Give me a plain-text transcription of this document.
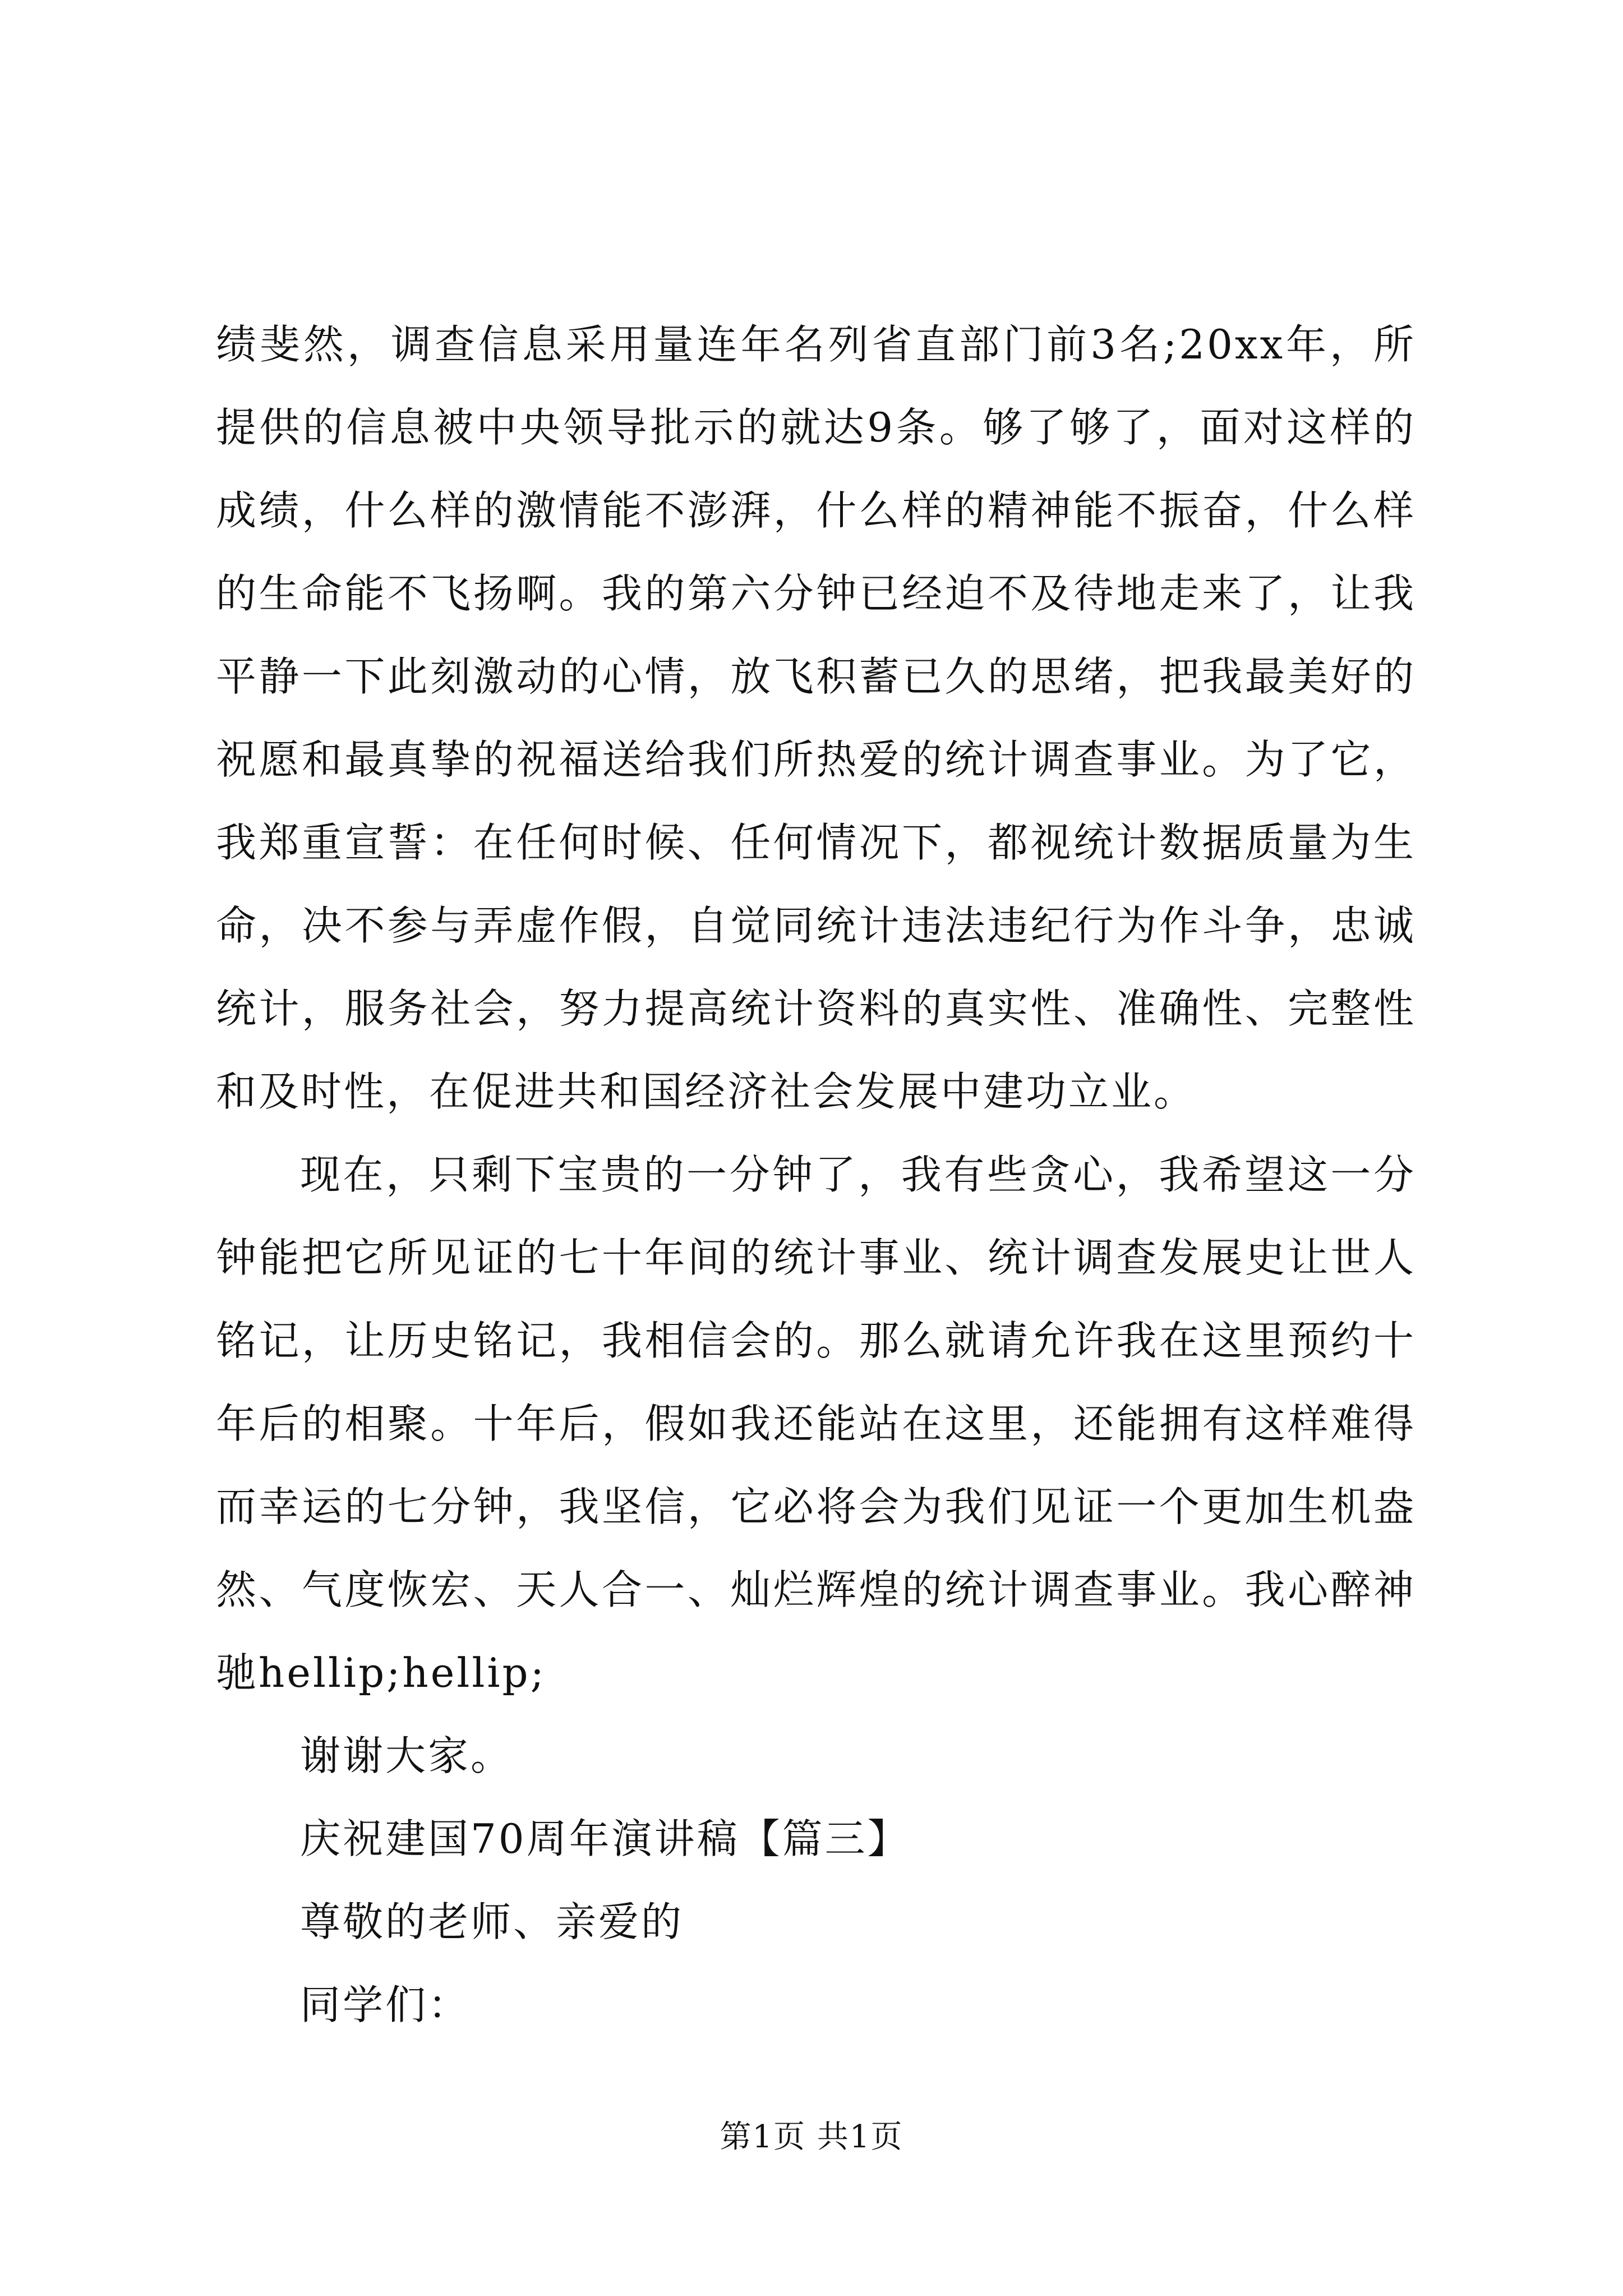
绩斐然，调查信息采用量连年名列省直部门前3名;20xx年，所提供的信息被中央领导批示的就达9条。够了够了，面对这样的成绩，什么样的激情能不澎湃，什么样的精神能不振奋，什么样的生命能不飞扬啊。我的第六分钟已经迫不及待地走来了，让我平静一下此刻激动的心情，放飞积蓄已久的思绪，把我最美好的祝愿和最真挚的祝福送给我们所热爱的统计调查事业。为了它，我郑重宣誓：在任何时候、任何情况下，都视统计数据质量为生命，决不参与弄虚作假，自觉同统计违法违纪行为作斗争，忠诚统计，服务社会，努力提高统计资料的真实性、准确性、完整性和及时性，在促进共和国经济社会发展中建功立业。

现在，只剩下宝贵的一分钟了，我有些贪心，我希望这一分钟能把它所见证的七十年间的统计事业、统计调查发展史让世人铭记，让历史铭记，我相信会的。那么就请允许我在这里预约十年后的相聚。十年后，假如我还能站在这里，还能拥有这样难得而幸运的七分钟，我坚信，它必将会为我们见证一个更加生机盎然、气度恢宏、天人合一、灿烂辉煌的统计调查事业。我心醉神驰hellip;hellip;

谢谢大家。

庆祝建国70周年演讲稿【篇三】

尊敬的老师、亲爱的

同学们：

第1页 共1页
